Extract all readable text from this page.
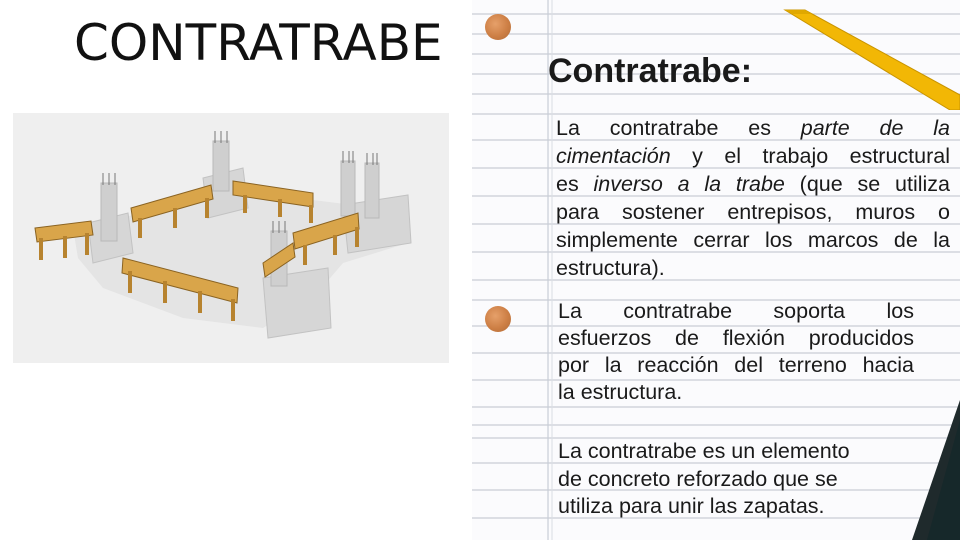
CONTRATRABE	Contratrabe:
La contratrabe es parte de la
cimentación y el trabajo estructural
es inverso a la trabe (que se utiliza
para sostener entrepisos, muros o
simplemente cerrar los marcos de la
estructura).
La contratrabe soporta los
esfuerzos de flexión producidos
por la reacción del terreno hacia
la estructura.
La contratrabe es un elemento
de concreto reforzado que se
utiliza para unir las zapatas.
